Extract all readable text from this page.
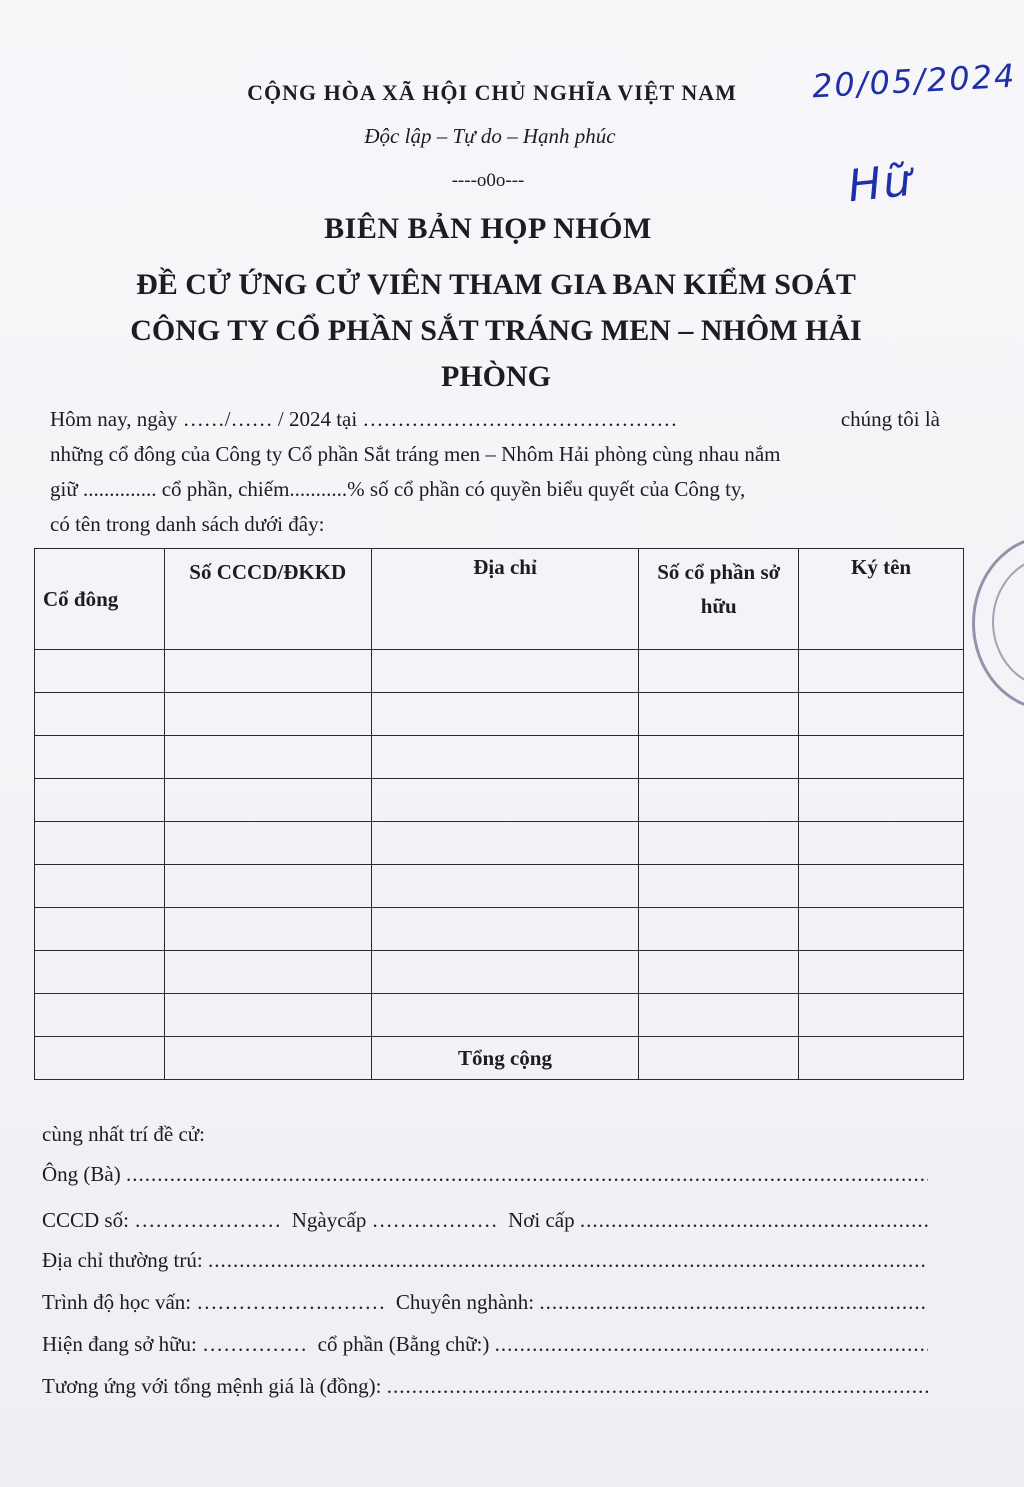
CỘNG HÒA XÃ HỘI CHỦ NGHĨA VIỆT NAM
Độc lập – Tự do – Hạnh phúc
----o0o---
20/05/2024
Hữ
BIÊN BẢN HỌP NHÓM
ĐỀ CỬ ỨNG CỬ VIÊN THAM GIA BAN KIỂM SOÁT
CÔNG TY CỔ PHẦN SẮT TRÁNG MEN – NHÔM HẢI
PHÒNG
Hôm nay, ngày ……/…… / 2024 tại ………………………………………	chúng tôi là
những cổ đông của Công ty Cổ phần Sắt tráng men – Nhôm Hải phòng cùng nhau nắm
giữ .............. cổ phần, chiếm...........% số cổ phần có quyền biểu quyết của Công ty,
có tên trong danh sách dưới đây:
Cổ đông	Số CCCD/ĐKKD	Địa chỉ	Số cổ phần sở hữu	Ký tên

		Tổng cộng		
cùng nhất trí đề cử:
Ông (Bà)

.....
CCCD số: …………………
Ngàycấp ………………
Nơi cấp

.....
Địa chỉ thường trú:

.....
Trình độ học vấn: ………………………
Chuyên nghành:

.....
Hiện đang sở hữu: ……………
cổ phần (Bằng chữ:)

.....
Tương ứng với tổng mệnh giá là (đồng):

.....
